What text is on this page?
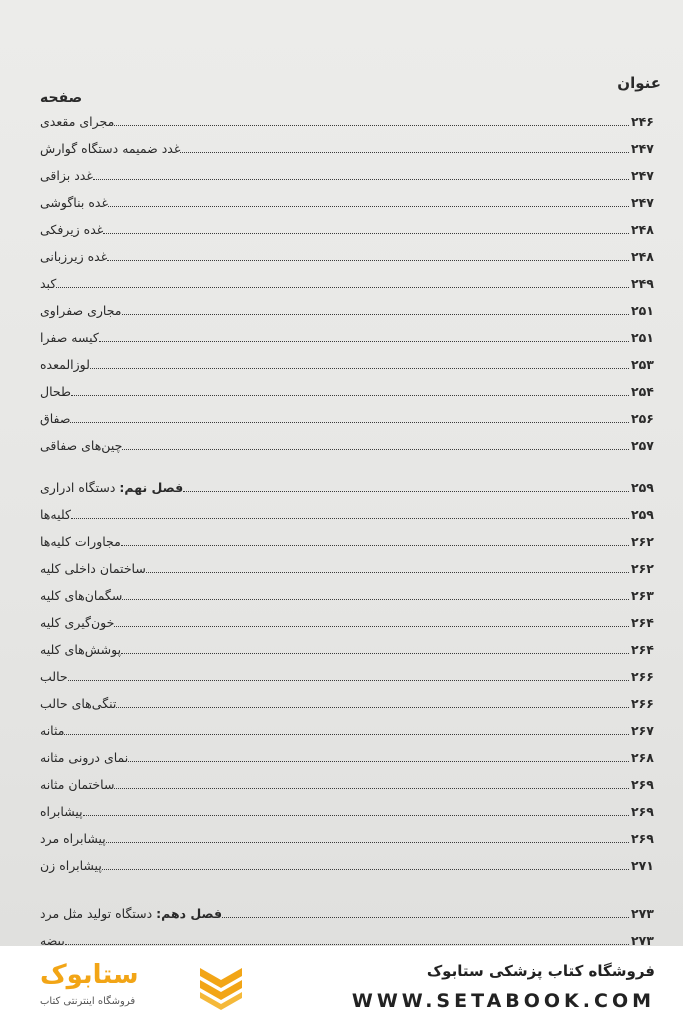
عنوان
صفحه
مجرای مقعدی	۲۴۶
غدد ضمیمه دستگاه گوارش	۲۴۷
غدد بزاقی	۲۴۷
غده بناگوشی	۲۴۷
غده زیرفکی	۲۴۸
غده زیرزبانی	۲۴۸
کبد	۲۴۹
مجاری صفراوی	۲۵۱
کیسه صفرا	۲۵۱
لوزالمعده	۲۵۳
طحال	۲۵۴
صفاق	۲۵۶
چین‌های صفاقی	۲۵۷
فصل نهم: دستگاه ادراری	۲۵۹
کلیه‌ها	۲۵۹
مجاورات کلیه‌ها	۲۶۲
ساختمان داخلی کلیه	۲۶۲
سگمان‌های کلیه	۲۶۳
خون‌گیری کلیه	۲۶۴
پوشش‌های کلیه	۲۶۴
حالب	۲۶۶
تنگی‌های حالب	۲۶۶
مثانه	۲۶۷
نمای درونی مثانه	۲۶۸
ساختمان مثانه	۲۶۹
پیشابراه	۲۶۹
پیشابراه مرد	۲۶۹
پیشابراه زن	۲۷۱
فصل دهم: دستگاه تولید مثل مرد	۲۷۳
بیضه	۲۷۳
فروشگاه کتاب پزشکی ستابوک
WWW.SETABOOK.COM
ستابوک
فروشگاه اینترنتی کتاب
